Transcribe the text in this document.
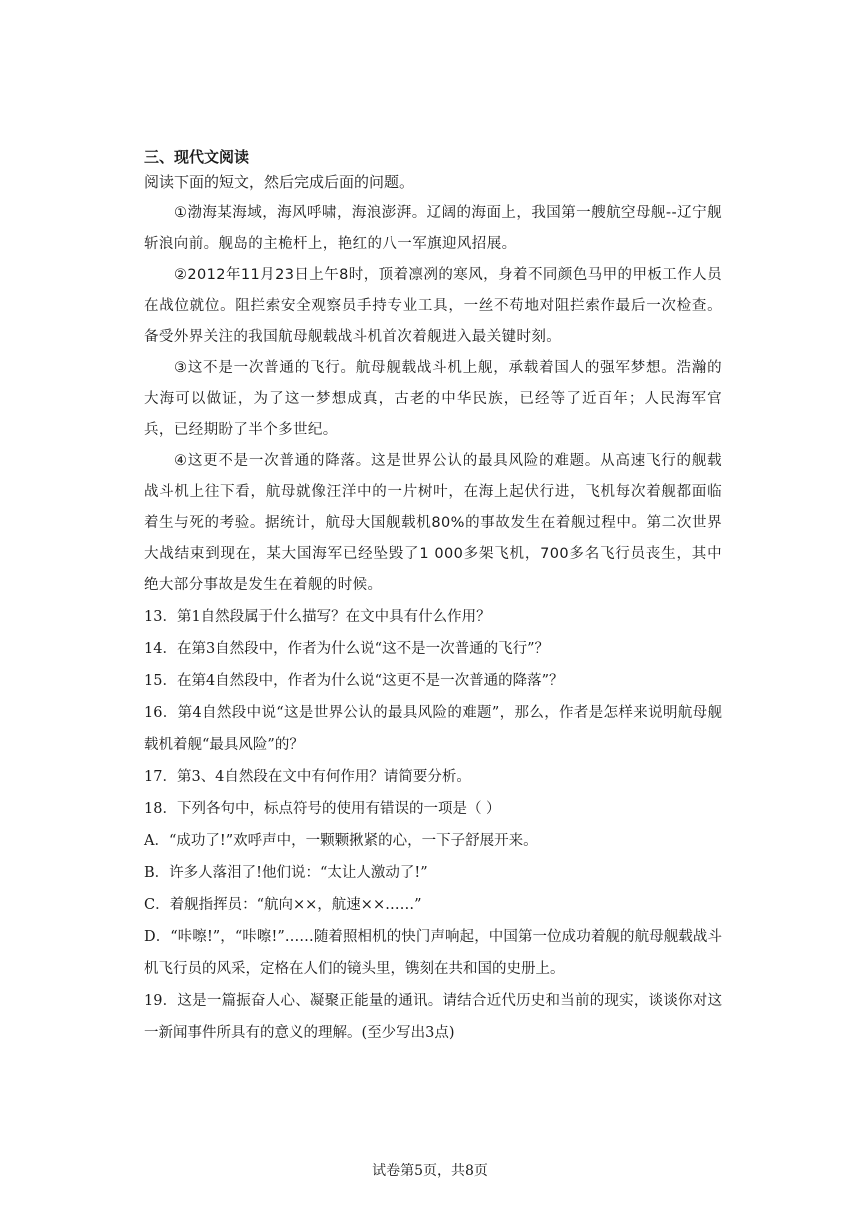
三、现代文阅读

阅读下面的短文，然后完成后面的问题。

①渤海某海域，海风呼啸，海浪澎湃。辽阔的海面上，我国第一艘航空母舰--辽宁舰斩浪向前。舰岛的主桅杆上，艳红的八一军旗迎风招展。

②2012年11月23日上午8时，顶着凛冽的寒风，身着不同颜色马甲的甲板工作人员在战位就位。阻拦索安全观察员手持专业工具，一丝不苟地对阻拦索作最后一次检查。备受外界关注的我国航母舰载战斗机首次着舰进入最关键时刻。

③这不是一次普通的飞行。航母舰载战斗机上舰，承载着国人的强军梦想。浩瀚的大海可以做证，为了这一梦想成真，古老的中华民族，已经等了近百年；人民海军官兵，已经期盼了半个多世纪。

④这更不是一次普通的降落。这是世界公认的最具风险的难题。从高速飞行的舰载战斗机上往下看，航母就像汪洋中的一片树叶，在海上起伏行进，飞机每次着舰都面临着生与死的考验。据统计，航母大国舰载机80%的事故发生在着舰过程中。第二次世界大战结束到现在，某大国海军已经坠毁了1 000多架飞机，700多名飞行员丧生，其中绝大部分事故是发生在着舰的时候。

13．第1自然段属于什么描写？在文中具有什么作用？

14．在第3自然段中，作者为什么说“这不是一次普通的飞行”？

15．在第4自然段中，作者为什么说“这更不是一次普通的降落”？

16．第4自然段中说“这是世界公认的最具风险的难题”，那么，作者是怎样来说明航母舰载机着舰“最具风险”的？

17．第3、4自然段在文中有何作用？请简要分析。

18．下列各句中，标点符号的使用有错误的一项是（ ）

A．“成功了!”欢呼声中，一颗颗揪紧的心，一下子舒展开来。

B．许多人落泪了!他们说：“太让人激动了!”

C．着舰指挥员：“航向××，航速××……”

D．“咔嚓!”，“咔嚓!”……随着照相机的快门声响起，中国第一位成功着舰的航母舰载战斗机飞行员的风采，定格在人们的镜头里，镌刻在共和国的史册上。

19．这是一篇振奋人心、凝聚正能量的通讯。请结合近代历史和当前的现实，谈谈你对这一新闻事件所具有的意义的理解。(至少写出3点)

试卷第5页，共8页
